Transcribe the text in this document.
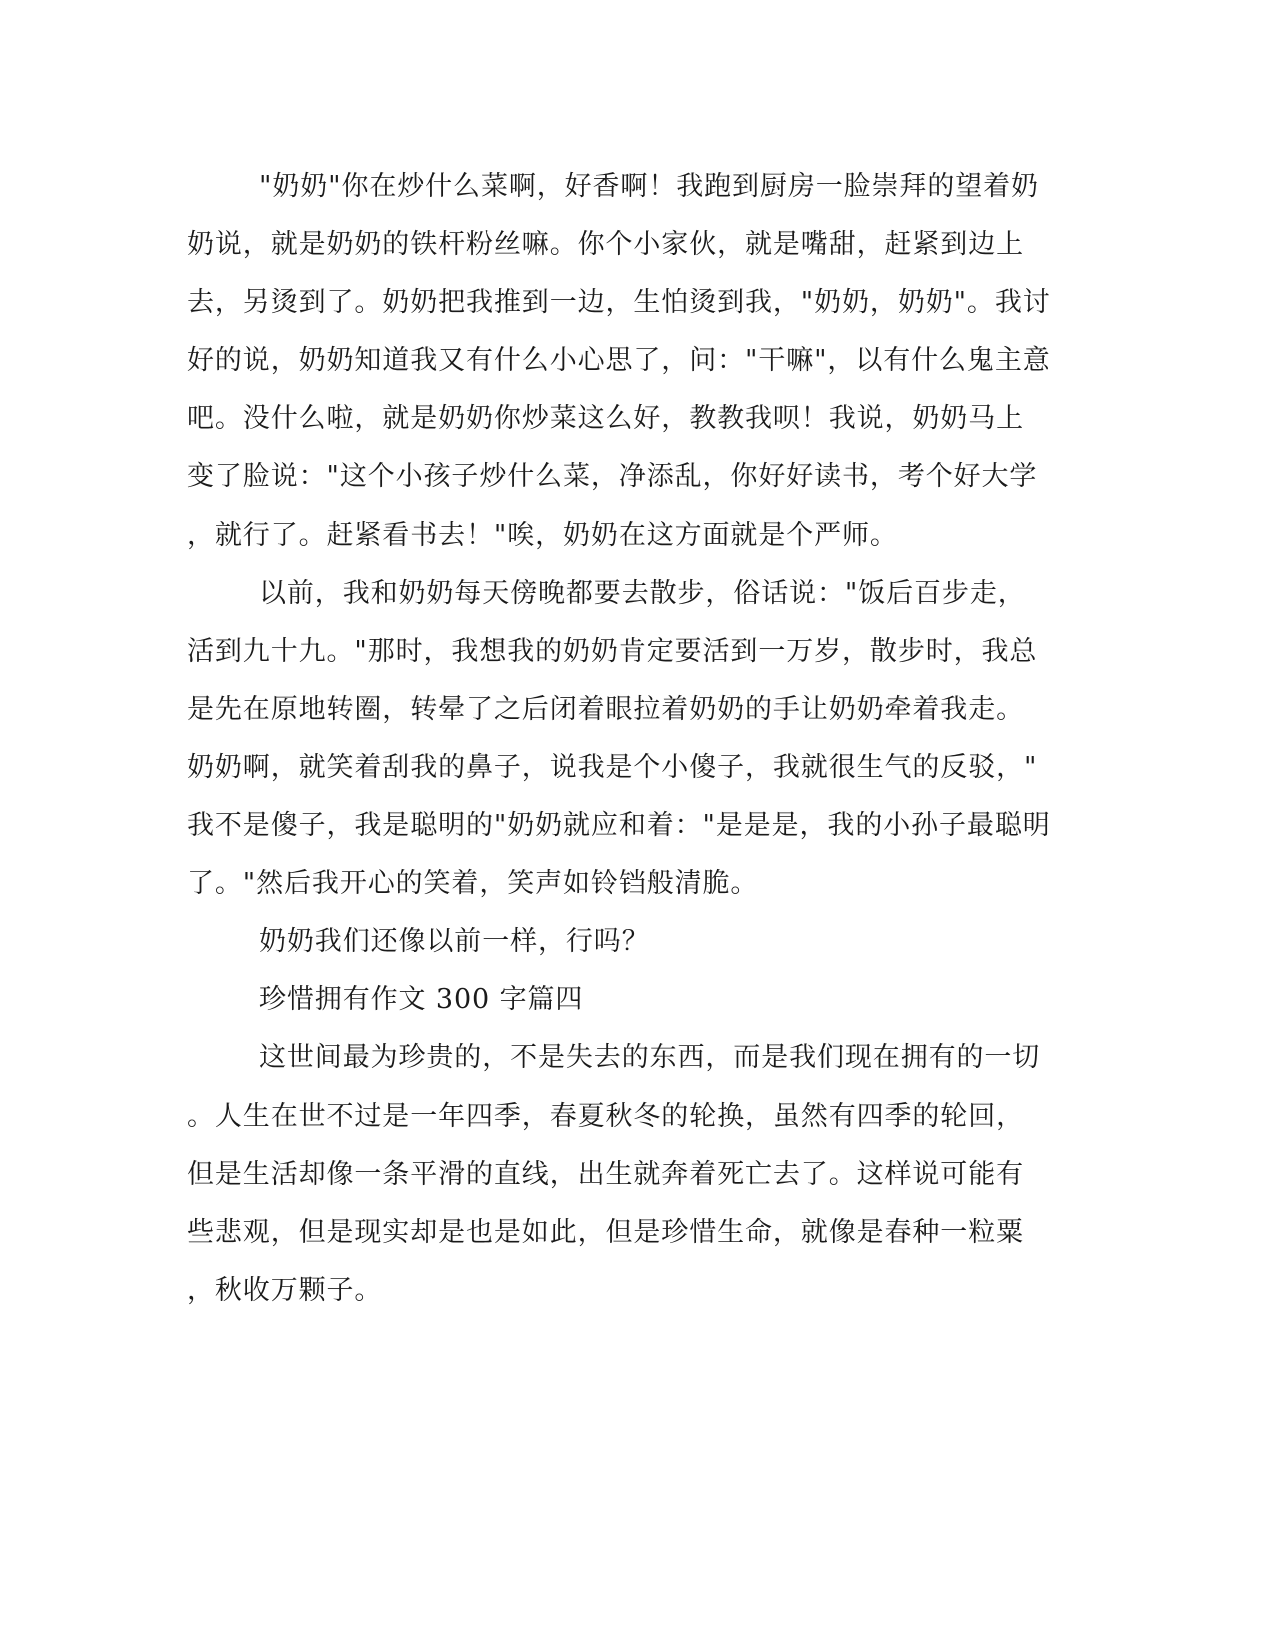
"奶奶"你在炒什么菜啊，好香啊！我跑到厨房一脸崇拜的望着奶
奶说，就是奶奶的铁杆粉丝嘛。你个小家伙，就是嘴甜，赶紧到边上
去，另烫到了。奶奶把我推到一边，生怕烫到我，"奶奶，奶奶"。我讨
好的说，奶奶知道我又有什么小心思了，问："干嘛"，以有什么鬼主意
吧。没什么啦，就是奶奶你炒菜这么好，教教我呗！我说，奶奶马上
变了脸说："这个小孩子炒什么菜，净添乱，你好好读书，考个好大学
，就行了。赶紧看书去！"唉，奶奶在这方面就是个严师。
以前，我和奶奶每天傍晚都要去散步，俗话说："饭后百步走，
活到九十九。"那时，我想我的奶奶肯定要活到一万岁，散步时，我总
是先在原地转圈，转晕了之后闭着眼拉着奶奶的手让奶奶牵着我走。
奶奶啊，就笑着刮我的鼻子，说我是个小傻子，我就很生气的反驳，"
我不是傻子，我是聪明的"奶奶就应和着："是是是，我的小孙子最聪明
了。"然后我开心的笑着，笑声如铃铛般清脆。
奶奶我们还像以前一样，行吗？
珍惜拥有作文 300 字篇四
这世间最为珍贵的，不是失去的东西，而是我们现在拥有的一切
。人生在世不过是一年四季，春夏秋冬的轮换，虽然有四季的轮回，
但是生活却像一条平滑的直线，出生就奔着死亡去了。这样说可能有
些悲观，但是现实却是也是如此，但是珍惜生命，就像是春种一粒粟
，秋收万颗子。
